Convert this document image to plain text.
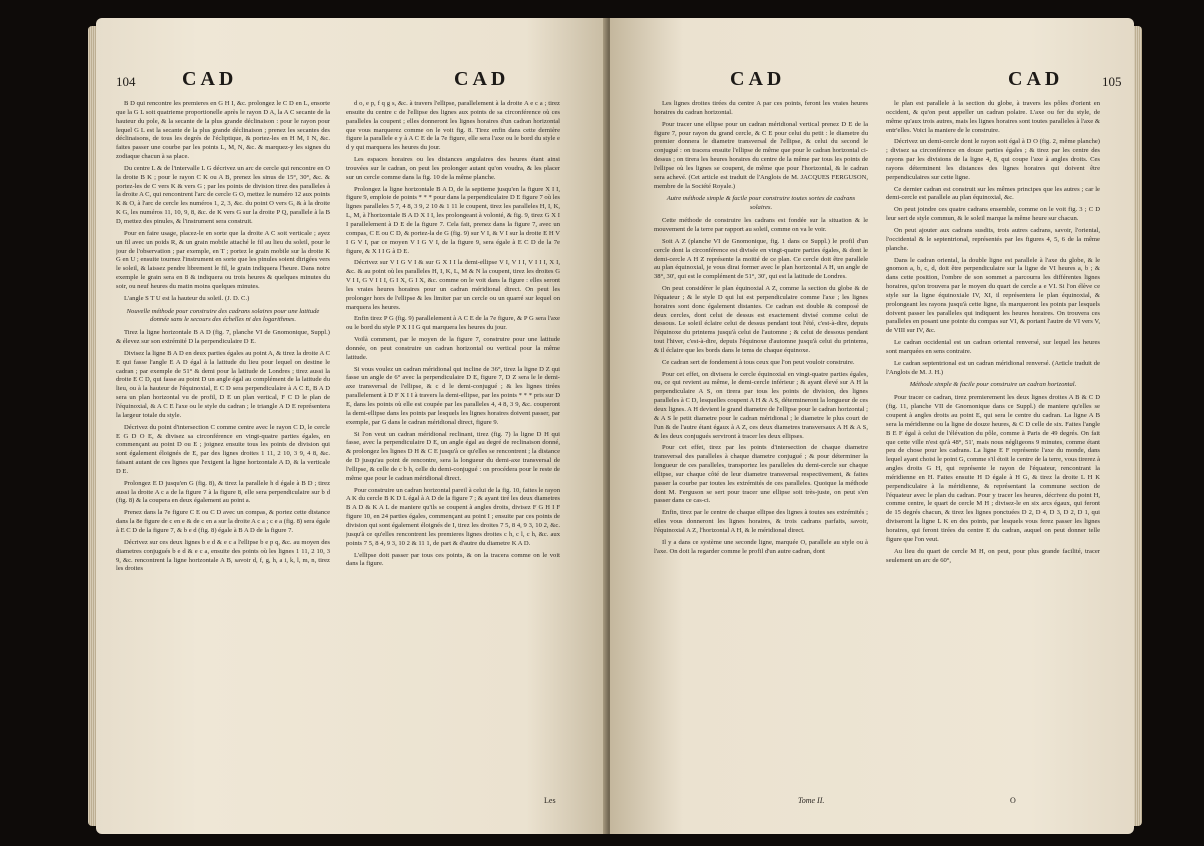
104 CAD	CAD

B D qui rencontre les premieres en G H I, &c. prolongez le C D en L, ensorte que la G L soit quatrieme proportionelle après le rayon D A, la A C secante de la hauteur du pole, & la secante de la plus grande déclinaison : pour le rayon pour lequel G L est la secante de la plus grande déclinaison ; prenez les secantes des déclinaisons, de tous les degrés de l'écliptique, & portez-les en H M, I N, &c. faites passer une courbe par les points L, M, N, &c. & marquez-y les signes du zodiaque chacun à sa place.

Du centre L & de l'intervalle L G décrivez un arc de cercle qui rencontre en O la droite B K ; pour le rayon C K ou A B, prenez les sinus de 15°, 30°, &c. & portez-les de C vers K & vers G ; par les points de division tirez des paralleles à la droite A C, qui rencontrent l'arc de cercle G O, mettez le numéro 12 aux points K & O, à l'arc de cercle les numéros 1, 2, 3, &c. du point O vers G, & à la droite K G, les numéros 11, 10, 9, 8, &c. de K vers G sur la droite P Q, parallele à la B D, mettez des pinules, & l'instrument sera construit.

Pour en faire usage, placez-le en sorte que la droite A C soit verticale ; ayez un fil avec un poids R, & un grain mobile attaché le fil au lieu du soleil, pour le jour de l'observation ; par exemple, en T ; portez le grain mobile sur la droite K G en U ; ensuite tournez l'instrument en sorte que les pinules soient dirigées vers le soleil, & laissez pendre librement le fil, le grain indiquera l'heure. Dans notre exemple le grain sera en 8 & indiquera ou trois heures & quelques minutes du soir, ou neuf heures du matin moins quelques minutes.

L'angle S T U est la hauteur du soleil. (J. D. C.)

Nouvelle méthode pour construire des cadrans solaires pour une latitude donnée sans le secours des échelles ni des logarithmes.

Tirez la ligne horizontale B A D (fig. 7, planche VI de Gnomonique, Suppl.) & élevez sur son extrémité D la perpendiculaire D E.

Divisez la ligne B A D en deux parties égales au point A, & tirez la droite A C E qui fasse l'angle E A D égal à la latitude du lieu pour lequel on destine le cadran ; par exemple de 51° & demi pour la latitude de Londres ; tirez aussi la droite E C D, qui fasse au point D un angle égal au complément de la latitude du lieu, ou à la hauteur de l'équinoxial, E C D sera perpendiculaire à A C E, B A D sera un plan horizontal vu de profil, D E un plan vertical, F C D le plan de l'équinoxial, & A C E l'axe ou le style du cadran ; le triangle A D E représentera la largeur totale du style.

Décrivez du point d'intersection C comme centre avec le rayon C D, le cercle E G D O E, & divisez sa circonférence en vingt-quatre parties égales, en commençant au point D ou E ; joignez ensuite tous les points de division qui sont également éloignés de E, par des lignes droites 1 11, 2 10, 3 9, 4 8, &c. faisant autant de ces lignes que l'exigent la ligne horizontale A D, & la verticale D E.

Prolongez E D jusqu'en G (fig. 8), & tirez la parallele h d égale à B D ; tirez aussi la droite A c a de la figure 7 à la figure 8, elle sera perpendiculaire sur b d (fig. 8) & la coupera en deux également au point a.

Prenez dans la 7e figure C E ou C D avec un compas, & portez cette distance dans la 8e figure de c en e & de c en a sur la droite A c a ; c e a (fig. 8) sera égale à E C D de la figure 7, & b e d (fig. 8) égale à B A D de la figure 7.

Décrivez sur ces deux lignes b e d & e c a l'ellipse b e p q, &c. au moyen des diametres conjugués b e d & e c a, ensuite des points où les lignes 1 11, 2 10, 3 9, &c. rencontrent la ligne horizontale A B, savoir d, f, g, h, a i, k, l, m, n, tirez les droites

d o, e p, f q g s, &c. à travers l'ellipse, parallelement à la droite A e c a ; tirez ensuite du centre c de l'ellipse des lignes aux points de sa circonférence où ces paralleles la coupent ; elles donneront les lignes horaires d'un cadran horizontal que vous marquerez comme on le voit fig. 8. Tirez enfin dans cette dernière figure la parallele e y à A C E de la 7e figure, elle sera l'axe ou le bord du style e d y qui marquera les heures du jour.

Les espaces horaires ou les distances angulaires des heures étant ainsi trouvées sur le cadran, on peut les prolonger autant qu'on voudra, & les placer sur un cercle comme dans la fig. 10 de la même planche.

Prolongez la ligne horizontale B A D, de la septieme jusqu'en la figure X I I, figure 9, emploie de points * * * pour dans la perpendiculaire D E figure 7 où les lignes paralleles 5 7, 4 8, 3 9, 2 10 & 1 11 le coupent, tirez les paralleles H, I, K, L, M, à l'horizontale B A D X I I, les prolongeant à volonté, & fig. 9, tirez G X I I parallelement à D E de la figure 7. Cela fait, prenez dans la figure 7, avec un compas, C E ou C D, & portez-la de G (fig. 9) sur V I, & V I sur la droite E H V I G V I, par ce moyen V I G V I, de la figure 9, sera égale à E C D de la 7e figure, & X I I G à D E.

Décrivez sur V I G V I & sur G X I I la demi-ellipse V I, V I I, V I I I, X I, &c. & au point où les paralleles H, I, K, L, M & N la coupent, tirez les droites G V I I, G V I I I, G I X, G I X, &c. comme on le voit dans la figure : elles seront les vraies heures horaires pour un cadran méridional direct. On peut les prolonger hors de l'ellipse & les limiter par un cercle ou un quarré sur lequel on marquera les heures.

Enfin tirez P G (fig. 9) parallelement à A C E de la 7e figure, & P G sera l'axe ou le bord du style P X I I G qui marquera les heures du jour.

Voilà comment, par le moyen de la figure 7, construire pour une latitude donnée, on peut construire un cadran horizontal ou vertical pour la même latitude.

Si vous voulez un cadran méridional qui incline de 36°, tirez la ligne D Z qui fasse un angle de 6° avec la perpendiculaire D E, figure 7, D Z sera le le demi-axe transversal de l'ellipse, & c d le demi-conjugué ; & les lignes tirées parallelement à D F X I I à travers la demi-ellipse, par les points * * * pris sur D E, dans les points où elle est coupée par les paralleles 4, 4 8, 3 9, &c. couperont la demi-ellipse dans les points par lesquels les lignes horaires doivent passer, par exemple, par G dans le cadran méridional direct, figure 9.

Si l'on veut un cadran méridional reclinant, tirez (fig. 7) la ligne D H qui fasse, avec la perpendiculaire D E, un angle égal au degré de reclinaison donné, & prolongez les lignes D H & C E jusqu'à ce qu'elles se rencontrent ; la distance de D jusqu'au point de rencontre, sera la longueur du demi-axe transversal de l'ellipse, & celle de c b h, celle du demi-conjugué : on procédera pour le reste de même que pour le cadran méridional direct.

Pour construire un cadran horizontal pareil à celui de la fig. 10, faites le rayon A K du cercle B K D L égal à A D de la figure 7 ; & ayant tiré les deux diametres B A D & K A L de maniere qu'ils se coupent à angles droits, divisez F G H I F figure 10, en 24 parties égales, commençant au point I ; ensuite par ces points de division qui sont également éloignés de I, tirez les droites 7 5, 8 4, 9 3, 10 2, &c. jusqu'à ce qu'elles rencontrent les premieres lignes droites c h, c l, c h, &c. aux points 7 5, 8 4, 9 3, 10 2 & 11 1, de part & d'autre du diametre K A D.

L'ellipse doit passer par tous ces points, & on la tracera comme on le voit dans la figure.

Les
CAD	CAD	105

Les lignes droites tirées du centre A par ces points, feront les vraies heures horaires du cadran horizontal.

Pour tracer une ellipse pour un cadran méridional vertical prenez D E de la figure 7, pour rayon du grand cercle, & C E pour celui du petit : le diametre du premier donnera le diametre transversal de l'ellipse, & celui du second le conjugué : on tracera ensuite l'ellipse de même que pour le cadran horizontal ci-dessus ; on tirera les heures horaires du centre de la même par tous les points de l'ellipse où les lignes se coupent, de même que pour l'horizontal, & le cadran sera achevé. (Cet article est traduit de l'Anglois de M. JACQUES FERGUSON, membre de la Société Royale.)

Autre méthode simple & facile pour construire toutes sortes de cadrans solaires.

Cette méthode de construire les cadrans est fondée sur la situation & le mouvement de la terre par rapport au soleil, comme on va le voir.

Soit A Z (planche VI de Gnomonique, fig. 1 dans ce Suppl.) le profil d'un cercle dont la circonférence est divisée en vingt-quatre parties égales, & dont le demi-cercle A H Z représente la moitié de ce plan. Ce cercle doit être parallele au plan équinoxial, je vous dirai former avec le plan horizontal A H, un angle de 38°, 30', qui est le complément de 51°, 30', qui est la latitude de Londres.

On peut considérer le plan équinoxial A Z, comme la section du globe & de l'équateur ; & le style D qui lui est perpendiculaire comme l'axe ; les lignes horaires sont donc également distantes. Ce cadran est double & composé de deux cercles, dont celui de dessus est exactement divisé comme celui de dessous. Le soleil éclaire celui de dessus pendant tout l'été, c'est-à-dire, depuis l'équinoxe du printems jusqu'à celui de l'automne ; & celui de dessous pendant tout l'hiver, c'est-à-dire, depuis l'équinoxe d'automne jusqu'à celui du printems, & il éclaire que les bords dans le tems de chaque équinoxe.

Ce cadran sert de fondement à tous ceux que l'on peut vouloir construire.

Pour cet effet, on divisera le cercle équinoxial en vingt-quatre parties égales, ou, ce qui revient au même, le demi-cercle inférieur ; & ayant élevé sur A H la perpendiculaire A S, on tirera par tous les points de division, des lignes paralleles à C D, lesquelles coupent A H & A S, détermineront la longueur de ces deux lignes. A H devient le grand diametre de l'ellipse pour le cadran horizontal ; & A S le petit diametre pour le cadran méridional ; le diametre le plus court de l'un & de l'autre étant égaux à A Z, ces deux diametres transversaux A H & A S, & les deux conjugués serviront à tracer les deux ellipses.

Pour cet effet, tirez par les points d'intersection de chaque diametre transversal des paralleles à chaque diametre conjugué ; & pour déterminer la longueur de ces paralleles, transportez les paralleles du demi-cercle sur chaque ellipse, sur chaque côté de leur diametre transversal respectivement, & faites passer la courbe par toutes les extrémités de ces paralleles. Quoique la méthode dont M. Ferguson se sert pour tracer une ellipse soit très-juste, on peut s'en passer dans ce cas-ci.

Enfin, tirez par le centre de chaque ellipse des lignes à toutes ses extrémités ; elles vous donneront les lignes horaires, & trois cadrans parfaits, savoir, l'équinoxial A Z, l'horizontal A H, & le méridional direct.

Il y a dans ce système une seconde ligne, marquée O, parallele au style ou à l'axe. On doit la regarder comme le profil d'un autre cadran, dont

le plan est parallele à la section du globe, à travers les pôles d'orient en occident, & qu'on peut appeller un cadran polaire. L'axe ou fer du style, de même qu'aux trois autres, mais les lignes horaires sont toutes paralleles à l'axe & entr'elles. Voici la maniere de le construire.

Décrivez un demi-cercle dont le rayon soit égal à D O (fig. 2, même planche) ; divisez sa circonférence en douze parties égales ; & tirez par les centre des rayons par les divisions de la ligne 4, 8, qui coupe l'axe à angles droits. Ces rayons déterminent les distances des lignes horaires qui doivent être perpendiculaires sur cette ligne.

Ce dernier cadran est construit sur les mêmes principes que les autres ; car le demi-cercle est parallele au plan équinoxial, &c.

On peut joindre ces quatre cadrans ensemble, comme on le voit fig. 3 ; C D leur sert de style commun, & le soleil marque la même heure sur chacun.

On peut ajouter aux cadrans susdits, trois autres cadrans, savoir, l'oriental, l'occidental & le septentrional, représentés par les figures 4, 5, 6 de la même planche.

Dans le cadran oriental, la double ligne est parallele à l'axe du globe, & le gnomon a, b, c, d, doit être perpendiculaire sur la ligne de VI heures a, b ; & dans cette position, l'ombre de son sommet a parcourra les différentes lignes horaires, qu'on trouvera par le moyen du quart de cercle a e VI. Si l'on élève ce style sur la ligne équinoxiale IV, XI, il représentera le plan équinoxial, & prolongeant les rayons jusqu'à cette ligne, ils marqueront les points par lesquels doivent passer les paralleles qui indiquent les heures horaires. On trouvera ces paralleles en posant une pointe du compas sur VI, & portant l'autre de VI vers V, de VIII sur IV, &c.

Le cadran occidental est un cadran oriental renversé, sur lequel les heures sont marquées en sens contraire.

Le cadran septentrional est un cadran méridional renversé. (Article traduit de l'Anglois de M. J. H.)

Méthode simple & facile pour construire un cadran horizontal.

Pour tracer ce cadran, tirez premierement les deux lignes droites A B & C D (fig. 11, planche VII de Gnomonique dans ce Suppl.) de maniere qu'elles se coupent à angles droits au point E, qui sera le centre du cadran. La ligne A B sera la méridienne ou la ligne de douze heures, & C D celle de six. Faites l'angle B E F égal à celui de l'élévation du pôle, comme à Paris de 49 degrés. On fait que cette ville n'est qu'à 48°, 51', mais nous négligeons 9 minutes, comme étant peu de chose pour les cadrans. La ligne E F représente l'axe du monde, dans lequel ayant choisi le point G, comme s'il étoit le centre de la terre, vous tirerez à angles droits G H, qui représente le rayon de l'équateur, rencontrant la méridienne en H. Faites ensuite H D égale à H G, & tirez la droite L H K perpendiculaire à la méridienne, & représentant la commune section de l'équateur avec le plan du cadran. Pour y tracer les heures, décrivez du point H, comme centre, le quart de cercle M H ; divisez-le en six arcs égaux, qui feront de 15 degrés chacun, & tirez les lignes ponctuées D 2, D 4, D 3, D 2, D 1, qui diviseront la ligne L K en des points, par lesquels vous ferez passer les lignes horaires, qui feront tirées du centre E du cadran, auquel on peut donner telle figure que l'on veut.

Au lieu du quart de cercle M H, on peut, pour plus grande facilité, tracer seulement un arc de 60°,

Tome II.	O
